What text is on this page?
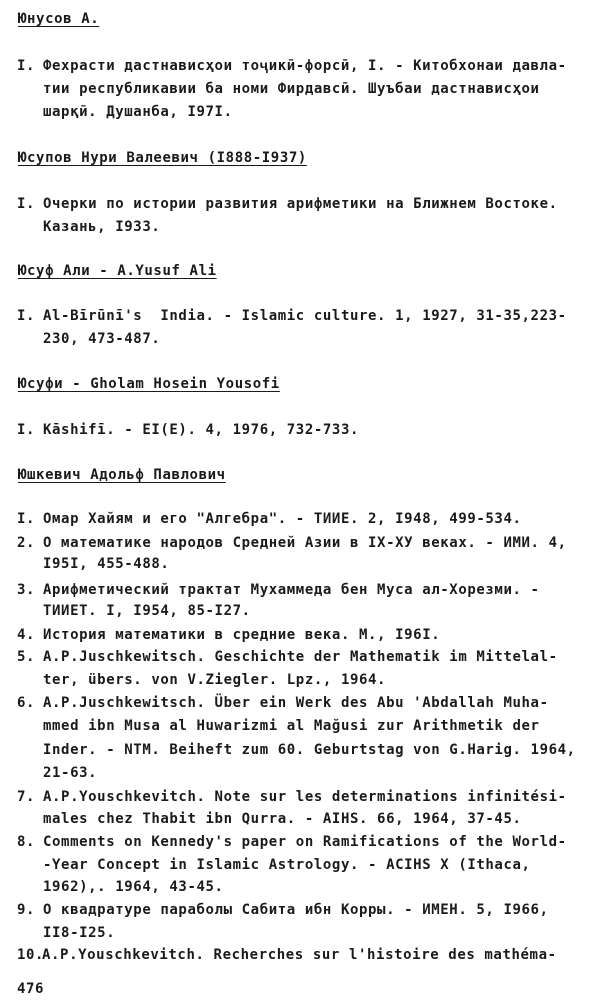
Юнусов А.
I. Фехрасти дастнависҳои тоҷикӣ-форсӣ, I. - Китобхонаи давла-
тии республикавии ба номи Фирдавсӣ. Шуъбаи дастнависҳои
шарқӣ. Душанба, I97I.
Юсупов Нури Валеевич (I888-I937)
I. Очерки по истории развития арифметики на Ближнем Востоке.
Казань, I933.
Юсуф Али - A.Yusuf Ali
I. Al-Bīrūnī's  India. - Islamic culture. 1, 1927, 31-35,223-
230, 473-487.
Юсуфи - Gholam Hosein Yousofi
I. Kāshifī. - EI(E). 4, 1976, 732-733.
Юшкевич Адольф Павлович
I. Омар Хайям и его "Алгебра". - ТИИЕ. 2, I948, 499-534.
2. О математике народов Средней Азии в IX-XУ веках. - ИМИ. 4,
I95I, 455-488.
3. Арифметический трактат Мухаммеда бен Муса ал-Хорезми. -
ТИИЕТ. I, I954, 85-I27.
4. История математики в средние века. М., I96I.
5. A.P.Juschkewitsch. Geschichte der Mathematik im Mittelal-
ter, übers. von V.Ziegler. Lpz., 1964.
6. A.P.Juschkewitsch. Über ein Werk des Abu 'Abdallah Muha-
mmed ibn Musa al Huwarizmi al Mağusi zur Arithmetik der
Inder. - NTM. Beiheft zum 60. Geburtstag von G.Harig. 1964,
21-63.
7. A.P.Youschkevitch. Note sur les determinations infinitési-
males chez Thabit ibn Qurra. - AIHS. 66, 1964, 37-45.
8. Comments on Kennedy's paper on Ramifications of the World-
-Year Concept in Islamic Astrology. - ACIHS X (Ithaca,
1962),. 1964, 43-45.
9. О квадратуре параболы Сабита ибн Корры. - ИМЕН. 5, I966,
II8-I25.
10.
A.P.Youschkevitch. Recherches sur l'histoire des mathéma-
476
